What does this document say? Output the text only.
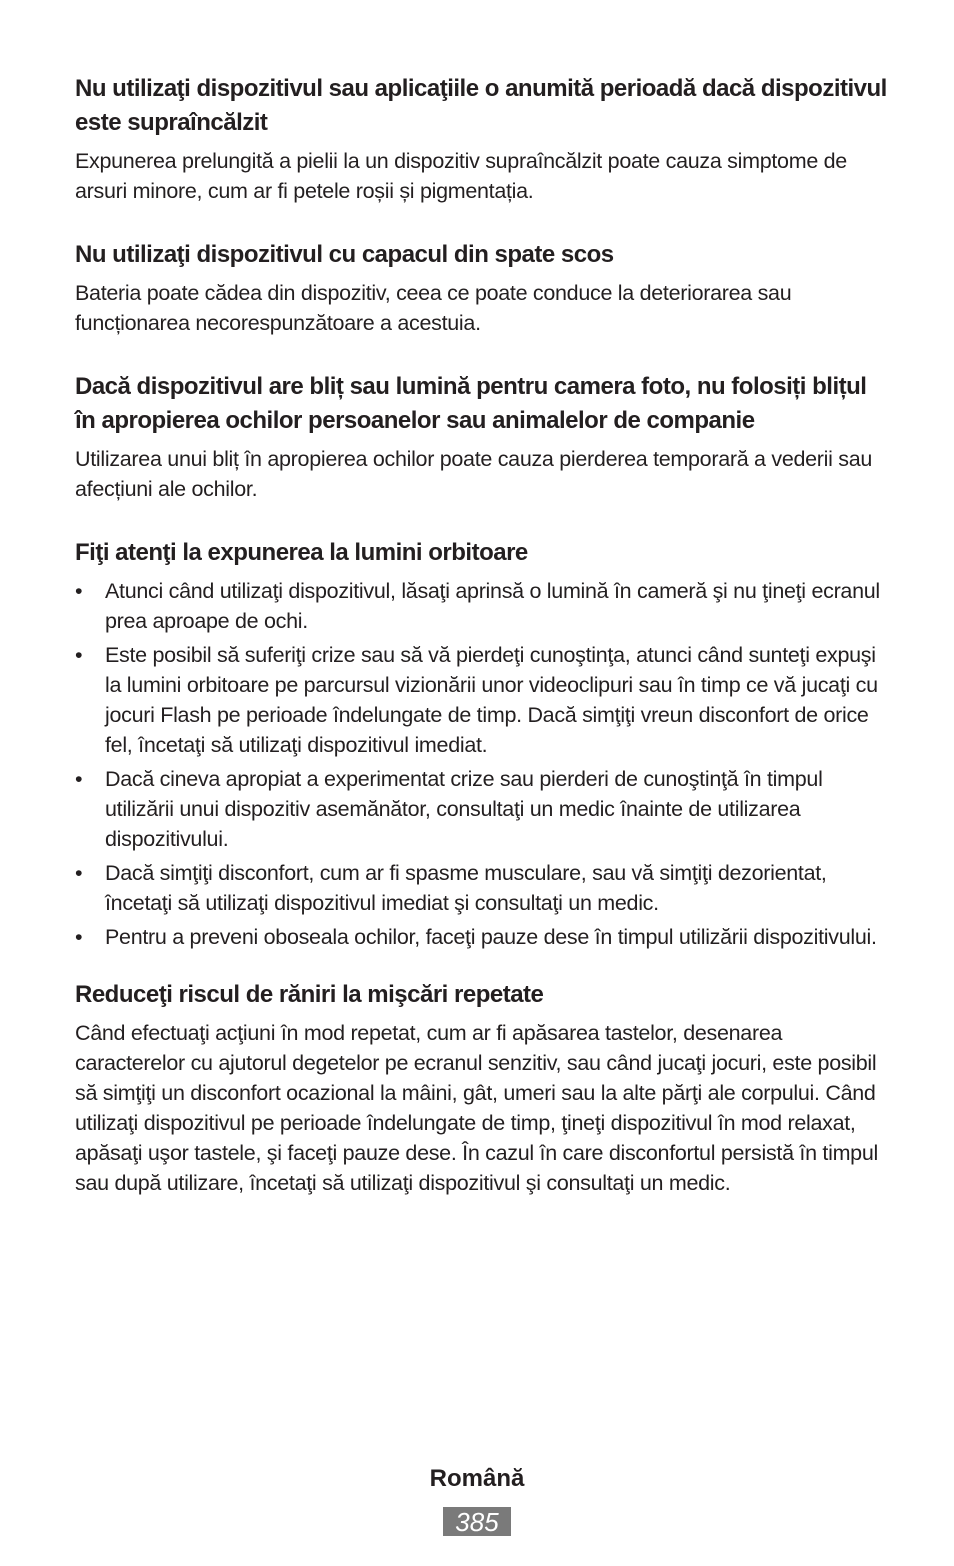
Nu utilizaţi dispozitivul sau aplicaţiile o anumită perioadă dacă dispozitivul este supraîncălzit

Expunerea prelungită a pielii la un dispozitiv supraîncălzit poate cauza simptome de arsuri minore, cum ar fi petele roșii și pigmentația.

Nu utilizaţi dispozitivul cu capacul din spate scos

Bateria poate cădea din dispozitiv, ceea ce poate conduce la deteriorarea sau funcționarea necorespunzătoare a acestuia.

Dacă dispozitivul are bliț sau lumină pentru camera foto, nu folosiți blițul în apropierea ochilor persoanelor sau animalelor de companie

Utilizarea unui bliț în apropierea ochilor poate cauza pierderea temporară a vederii sau afecțiuni ale ochilor.

Fiţi atenţi la expunerea la lumini orbitoare
•	Atunci când utilizaţi dispozitivul, lăsaţi aprinsă o lumină în cameră şi nu ţineţi ecranul prea aproape de ochi.
•	Este posibil să suferiţi crize sau să vă pierdeţi cunoştinţa, atunci când sunteţi expuşi la lumini orbitoare pe parcursul vizionării unor videoclipuri sau în timp ce vă jucaţi cu jocuri Flash pe perioade îndelungate de timp. Dacă simţiţi vreun disconfort de orice fel, încetaţi să utilizaţi dispozitivul imediat.
•	Dacă cineva apropiat a experimentat crize sau pierderi de cunoştinţă în timpul utilizării unui dispozitiv asemănător, consultaţi un medic înainte de utilizarea dispozitivului.
•	Dacă simţiţi disconfort, cum ar fi spasme musculare, sau vă simţiţi dezorientat, încetaţi să utilizaţi dispozitivul imediat şi consultaţi un medic.
•	Pentru a preveni oboseala ochilor, faceţi pauze dese în timpul utilizării dispozitivului.
Reduceţi riscul de răniri la mişcări repetate

Când efectuaţi acţiuni în mod repetat, cum ar fi apăsarea tastelor, desenarea caracterelor cu ajutorul degetelor pe ecranul senzitiv, sau când jucaţi jocuri, este posibil să simţiţi un disconfort ocazional la mâini, gât, umeri sau la alte părţi ale corpului. Când utilizaţi dispozitivul pe perioade îndelungate de timp, ţineţi dispozitivul în mod relaxat, apăsaţi uşor tastele, şi faceţi pauze dese. În cazul în care disconfortul persistă în timpul sau după utilizare, încetaţi să utilizaţi dispozitivul şi consultaţi un medic.

Română
385
